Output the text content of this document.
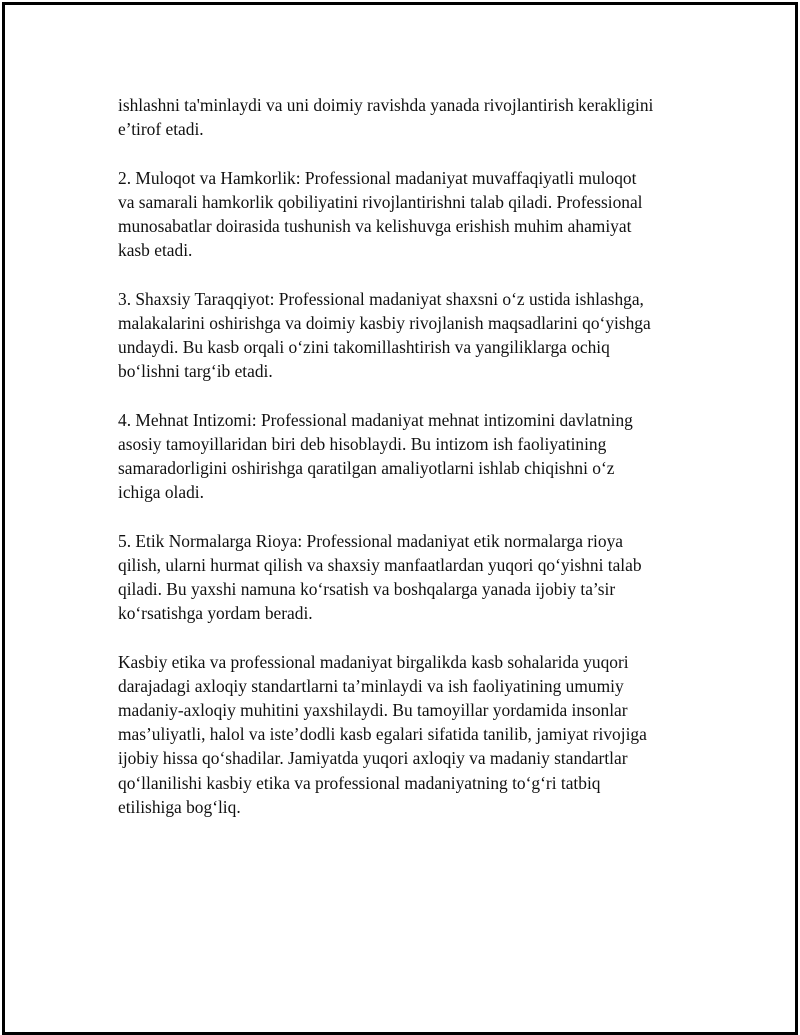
ishlashni ta'minlaydi va uni doimiy ravishda yanada rivojlantirish kerakligini
e’tirof etadi.

2. Muloqot va Hamkorlik: Professional madaniyat muvaffaqiyatli muloqot
va samarali hamkorlik qobiliyatini rivojlantirishni talab qiladi. Professional
munosabatlar doirasida tushunish va kelishuvga erishish muhim ahamiyat
kasb etadi.

3. Shaxsiy Taraqqiyot: Professional madaniyat shaxsni o‘z ustida ishlashga,
malakalarini oshirishga va doimiy kasbiy rivojlanish maqsadlarini qo‘yishga
undaydi. Bu kasb orqali o‘zini takomillashtirish va yangiliklarga ochiq
bo‘lishni targ‘ib etadi.

4. Mehnat Intizomi: Professional madaniyat mehnat intizomini davlatning
asosiy tamoyillaridan biri deb hisoblaydi. Bu intizom ish faoliyatining
samaradorligini oshirishga qaratilgan amaliyotlarni ishlab chiqishni o‘z
ichiga oladi.

5. Etik Normalarga Rioya: Professional madaniyat etik normalarga rioya
qilish, ularni hurmat qilish va shaxsiy manfaatlardan yuqori qo‘yishni talab
qiladi. Bu yaxshi namuna ko‘rsatish va boshqalarga yanada ijobiy ta’sir
ko‘rsatishga yordam beradi.

Kasbiy etika va professional madaniyat birgalikda kasb sohalarida yuqori
darajadagi axloqiy standartlarni ta’minlaydi va ish faoliyatining umumiy
madaniy-axloqiy muhitini yaxshilaydi. Bu tamoyillar yordamida insonlar
mas’uliyatli, halol va iste’dodli kasb egalari sifatida tanilib, jamiyat rivojiga
ijobiy hissa qo‘shadilar. Jamiyatda yuqori axloqiy va madaniy standartlar
qo‘llanilishi kasbiy etika va professional madaniyatning to‘g‘ri tatbiq
etilishiga bog‘liq.
